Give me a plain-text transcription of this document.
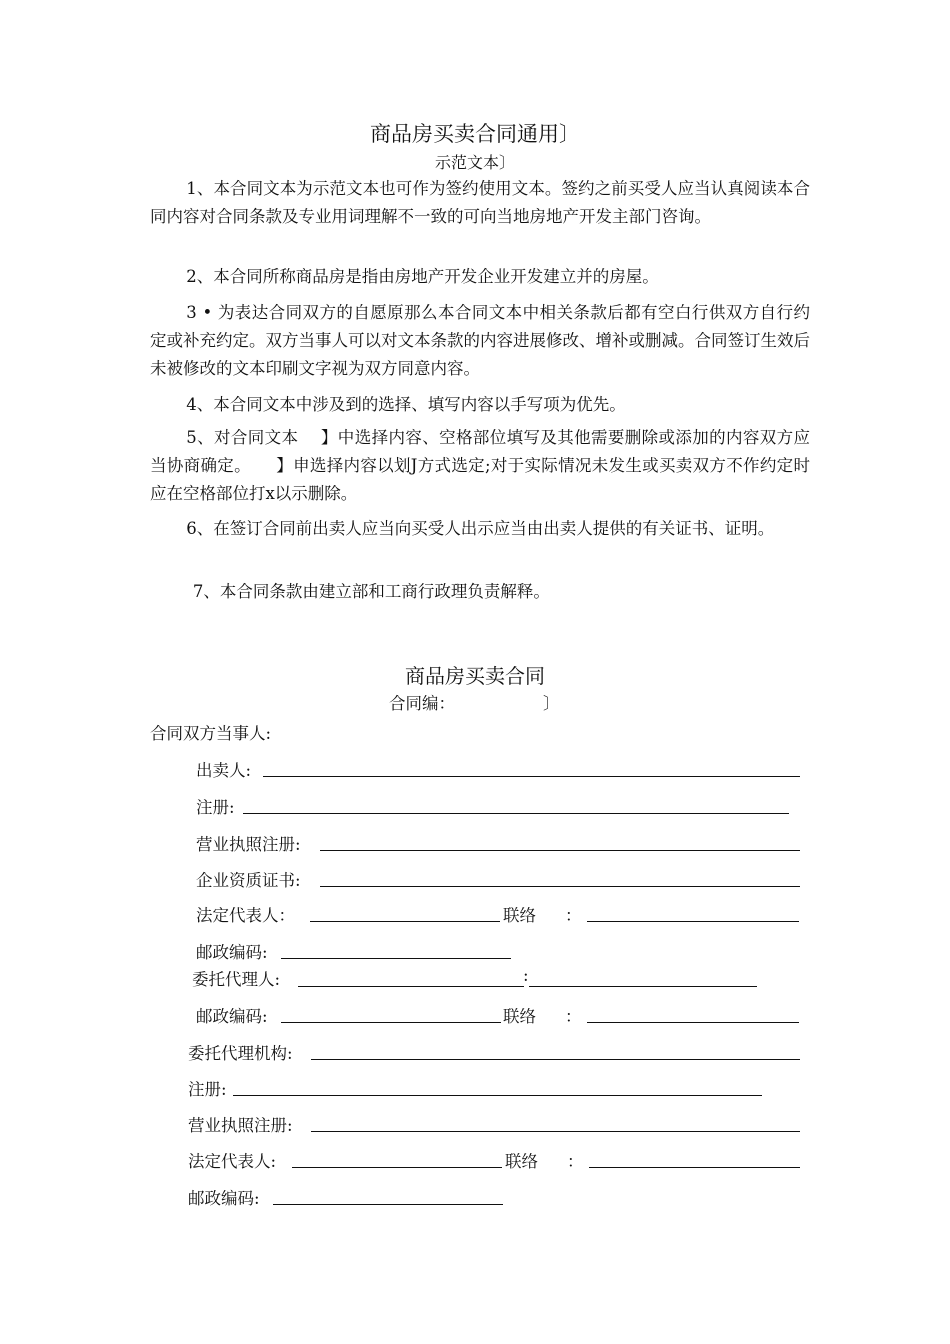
商品房买卖合同通用〕
示范文本〕
1、本合同文本为示范文本也可作为签约使用文本。签约之前买受人应当认真阅读本合同内容对合同条款及专业用词理解不一致的可向当地房地产开发主部门咨询。
2、本合同所称商品房是指由房地产开发企业开发建立并的房屋。
3 • 为表达合同双方的自愿原那么本合同文本中相关条款后都有空白行供双方自行约定或补充约定。双方当事人可以对文本条款的内容进展修改、增补或删减。合同签订生效后未被修改的文本印刷文字视为双方同意内容。
4、本合同文本中涉及到的选择、填写内容以手写项为优先。
5、对合同文本　 】中选择内容、空格部位填写及其他需要删除或添加的内容双方应当协商确定。　　】申选择内容以划J方式选定;对于实际情况未发生或买卖双方不作约定时应在空格部位打x以示删除。
6、在签订合同前出卖人应当向买受人出示应当由出卖人提供的有关证书、证明。
7、本合同条款由建立部和工商行政理负责解释。
商品房买卖合同
合同编：	〕
合同双方当事人:
出卖人:
注册:
营业执照注册:
企业资质证书:
法定代表人：	联络 ：
邮政编码:
委托代理人:	:
邮政编码:	联络 ：
委托代理机构:
注册:
营业执照注册:
法定代表人:	联络 ：
邮政编码:
